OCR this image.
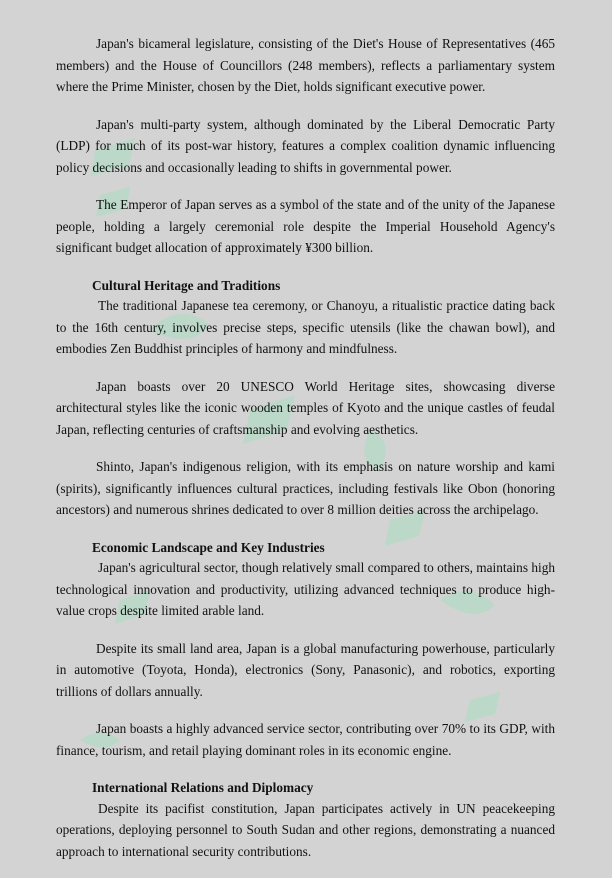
Japan's bicameral legislature, consisting of the Diet's House of Representatives (465 members) and the House of Councillors (248 members), reflects a parliamentary system where the Prime Minister, chosen by the Diet, holds significant executive power.

Japan's multi-party system, although dominated by the Liberal Democratic Party (LDP) for much of its post-war history, features a complex coalition dynamic influencing policy decisions and occasionally leading to shifts in governmental power.

The Emperor of Japan serves as a symbol of the state and of the unity of the Japanese people, holding a largely ceremonial role despite the Imperial Household Agency's significant budget allocation of approximately ¥300 billion.

Cultural Heritage and Traditions

The traditional Japanese tea ceremony, or Chanoyu, a ritualistic practice dating back to the 16th century, involves precise steps, specific utensils (like the chawan bowl), and embodies Zen Buddhist principles of harmony and mindfulness.

Japan boasts over 20 UNESCO World Heritage sites, showcasing diverse architectural styles like the iconic wooden temples of Kyoto and the unique castles of feudal Japan, reflecting centuries of craftsmanship and evolving aesthetics.

Shinto, Japan's indigenous religion, with its emphasis on nature worship and kami (spirits), significantly influences cultural practices, including festivals like Obon (honoring ancestors) and numerous shrines dedicated to over 8 million deities across the archipelago.

Economic Landscape and Key Industries

Japan's agricultural sector, though relatively small compared to others, maintains high technological innovation and productivity, utilizing advanced techniques to produce high-value crops despite limited arable land.

Despite its small land area, Japan is a global manufacturing powerhouse, particularly in automotive (Toyota, Honda), electronics (Sony, Panasonic), and robotics, exporting trillions of dollars annually.

Japan boasts a highly advanced service sector, contributing over 70% to its GDP, with finance, tourism, and retail playing dominant roles in its economic engine.

International Relations and Diplomacy

Despite its pacifist constitution, Japan participates actively in UN peacekeeping operations, deploying personnel to South Sudan and other regions, demonstrating a nuanced approach to international security contributions.
